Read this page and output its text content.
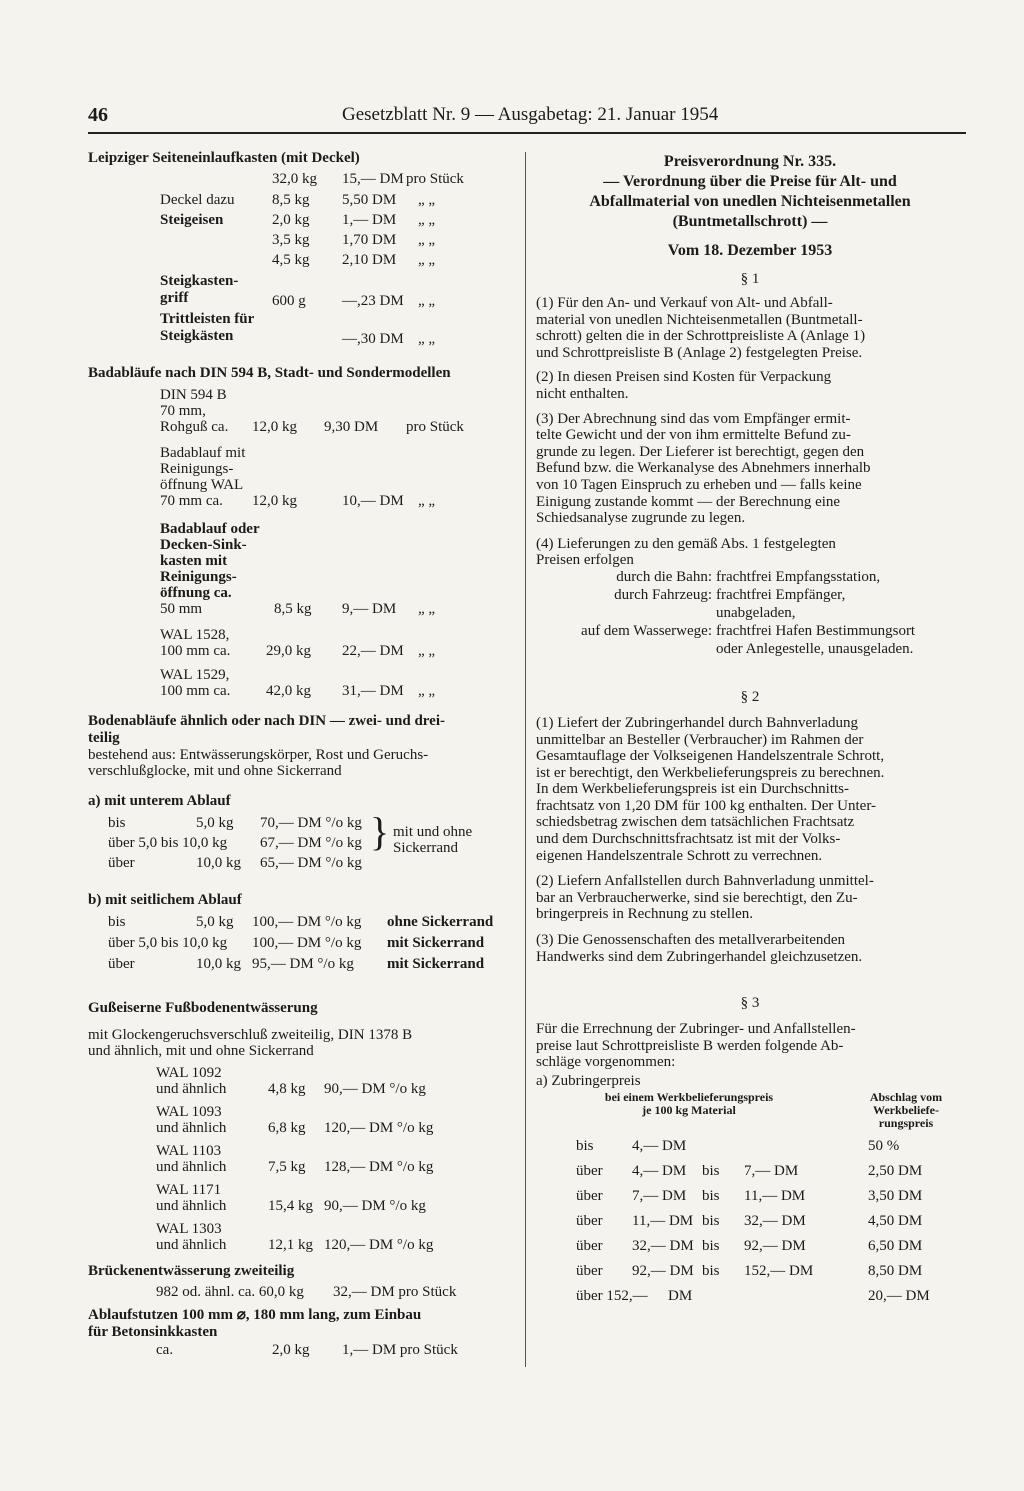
46	Gesetzblatt Nr. 9 — Ausgabetag: 21. Januar 1954
Leipziger Seiteneinlaufkasten (mit Deckel)
32,0 kg 15,— DM pro Stück
Deckel dazu 8,5 kg 5,50 DM „ „
Steigeisen	2,0 kg 1,— DM „ „
3,5 kg 1,70 DM „ „
4,5 kg 2,10 DM „ „
Steigkasten-
griff	600 g —,23 DM „ „
Trittleisten für
Steigkästen	—,30 DM „ „
Badabläufe nach DIN 594 B, Stadt- und Sondermodellen
DIN 594 B
70 mm,
Rohguß ca. 12,0 kg 9,30 DM pro Stück
Badablauf mit
Reinigungs-
öffnung WAL
70 mm ca. 12,0 kg	10,— DM „ „
Badablauf oder
Decken-Sink-
kasten mit
Reinigungs-
öffnung ca.
50 mm	8,5 kg 9,— DM „ „
WAL 1528,
100 mm ca. 29,0 kg 22,— DM „ „
WAL 1529,
100 mm ca. 42,0 kg 31,— DM „ „
Bodenabläufe ähnlich oder nach DIN — zwei- und drei-
teilig
bestehend aus: Entwässerungskörper, Rost und Geruchs-
verschlußglocke, mit und ohne Sickerrand
a) mit unterem Ablauf
bis	5,0 kg 70,— DM °/o kg
über 5,0 bis 10,0 kg 67,— DM °/o kg
über	10,0 kg 65,— DM °/o kg
} mit und ohne
Sickerrand
b) mit seitlichem Ablauf
bis	5,0 kg 100,— DM °/o kg ohne Sickerrand
über 5,0 bis 10,0 kg 100,— DM °/o kg mit Sickerrand
über	10,0 kg 95,— DM °/o kg mit Sickerrand
Gußeiserne Fußbodenentwässerung
mit Glockengeruchsverschluß zweiteilig, DIN 1378 B
und ähnlich, mit und ohne Sickerrand
WAL 1092
und ähnlich	4,8 kg 90,— DM °/o kg
WAL 1093
und ähnlich	6,8 kg 120,— DM °/o kg
WAL 1103
und ähnlich	7,5 kg 128,— DM °/o kg
WAL 1171
und ähnlich	15,4 kg 90,— DM °/o kg
WAL 1303
und ähnlich	12,1 kg 120,— DM °/o kg
Brückenentwässerung zweiteilig
982 od. ähnl. ca. 60,0 kg 32,— DM pro Stück
Ablaufstutzen 100 mm ⌀, 180 mm lang, zum Einbau
für Betonsinkkasten
ca.	2,0 kg 1,— DM pro Stück
Preisverordnung Nr. 335.
— Verordnung über die Preise für Alt- und
Abfallmaterial von unedlen Nichteisenmetallen
(Buntmetallschrott) —
Vom 18. Dezember 1953
§ 1
(1) Für den An- und Verkauf von Alt- und Abfall-
material von unedlen Nichteisenmetallen (Buntmetall-
schrott) gelten die in der Schrottpreisliste A (Anlage 1)
und Schrottpreisliste B (Anlage 2) festgelegten Preise.
(2) In diesen Preisen sind Kosten für Verpackung
nicht enthalten.
(3) Der Abrechnung sind das vom Empfänger ermit-
telte Gewicht und der von ihm ermittelte Befund zu-
grunde zu legen. Der Lieferer ist berechtigt, gegen den
Befund bzw. die Werkanalyse des Abnehmers innerhalb
von 10 Tagen Einspruch zu erheben und — falls keine
Einigung zustande kommt — der Berechnung eine
Schiedsanalyse zugrunde zu legen.
(4) Lieferungen zu den gemäß Abs. 1 festgelegten
Preisen erfolgen
durch die Bahn: frachtfrei Empfangsstation,
durch Fahrzeug: frachtfrei Empfänger,
unabgeladen,
auf dem Wasserwege: frachtfrei Hafen Bestimmungsort
oder Anlegestelle, unausgeladen.
§ 2
(1) Liefert der Zubringerhandel durch Bahnverladung
unmittelbar an Besteller (Verbraucher) im Rahmen der
Gesamtauflage der Volkseigenen Handelszentrale Schrott,
ist er berechtigt, den Werkbelieferungspreis zu berechnen.
In dem Werkbelieferungspreis ist ein Durchschnitts-
frachtsatz von 1,20 DM für 100 kg enthalten. Der Unter-
schiedsbetrag zwischen dem tatsächlichen Frachtsatz
und dem Durchschnittsfrachtsatz ist mit der Volks-
eigenen Handelszentrale Schrott zu verrechnen.
(2) Liefern Anfallstellen durch Bahnverladung unmittel-
bar an Verbraucherwerke, sind sie berechtigt, den Zu-
bringerpreis in Rechnung zu stellen.
(3) Die Genossenschaften des metallverarbeitenden
Handwerks sind dem Zubringerhandel gleichzusetzen.
§ 3
Für die Errechnung der Zubringer- und Anfallstellen-
preise laut Schrottpreisliste B werden folgende Ab-
schläge vorgenommen:
a) Zubringerpreis
bei einem Werkbelieferungspreis
je 100 kg Material
Abschlag vom
Werkbeliefe-
rungspreis
bis	4,— DM	50 %
über 4,— DM bis 7,— DM	2,50 DM
über 7,— DM bis 11,— DM	3,50 DM
über 11,— DM bis 32,— DM	4,50 DM
über 32,— DM bis 92,— DM	6,50 DM
über 92,— DM bis 152,— DM	8,50 DM
über 152,— DM	20,— DM
